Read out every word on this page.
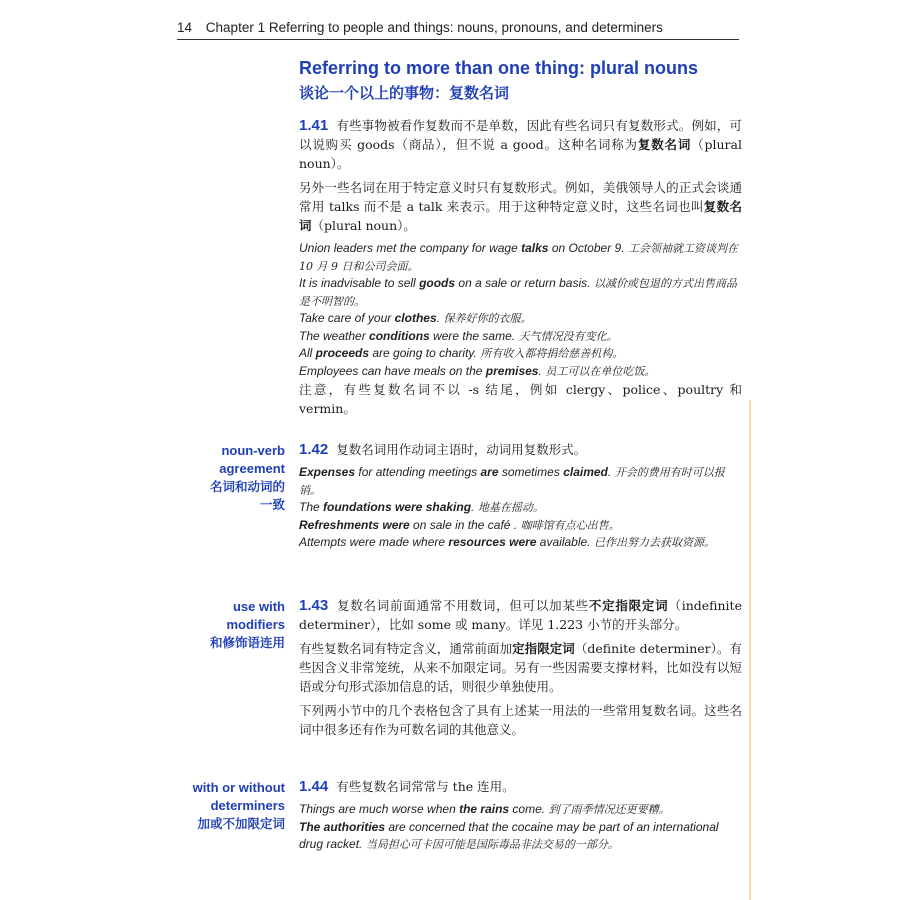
14 Chapter 1 Referring to people and things: nouns, pronouns, and determiners
Referring to more than one thing: plural nouns
谈论一个以上的事物：复数名词

1.41 有些事物被看作复数而不是单数，因此有些名词只有复数形式。例如，可以说购买 goods（商品），但不说 a good。这种名词称为复数名词（plural noun）。

另外一些名词在用于特定意义时只有复数形式。例如，美俄领导人的正式会谈通常用 talks 而不是 a talk 来表示。用于这种特定意义时，这些名词也叫复数名词（plural noun）。

Union leaders met the company for wage talks on October 9. 工会领袖就工资谈判在 10 月 9 日和公司会面。

It is inadvisable to sell goods on a sale or return basis. 以减价或包退的方式出售商品是不明智的。

Take care of your clothes. 保养好你的衣服。

The weather conditions were the same. 天气情况没有变化。

All proceeds are going to charity. 所有收入都将捐给慈善机构。

Employees can have meals on the premises. 员工可以在单位吃饭。

注意，有些复数名词不以 -s 结尾，例如 clergy、police、poultry 和 vermin。

noun-verb
agreement
名词和动词的
一致

1.42 复数名词用作动词主语时，动词用复数形式。

Expenses for attending meetings are sometimes claimed. 开会的费用有时可以报销。

The foundations were shaking. 地基在摇动。

Refreshments were on sale in the café . 咖啡馆有点心出售。

Attempts were made where resources were available. 已作出努力去获取资源。

use with
modifiers
和修饰语连用

1.43 复数名词前面通常不用数词，但可以加某些不定指限定词（indefinite determiner），比如 some 或 many。详见 1.223 小节的开头部分。

有些复数名词有特定含义，通常前面加定指限定词（definite determiner）。有些因含义非常笼统，从来不加限定词。另有一些因需要支撑材料，比如没有以短语或分句形式添加信息的话，则很少单独使用。

下列两小节中的几个表格包含了具有上述某一用法的一些常用复数名词。这些名词中很多还有作为可数名词的其他意义。

with or without
determiners
加或不加限定词

1.44 有些复数名词常常与 the 连用。

Things are much worse when the rains come. 到了雨季情况还更要糟。

The authorities are concerned that the cocaine may be part of an international drug racket. 当局担心可卡因可能是国际毒品非法交易的一部分。
